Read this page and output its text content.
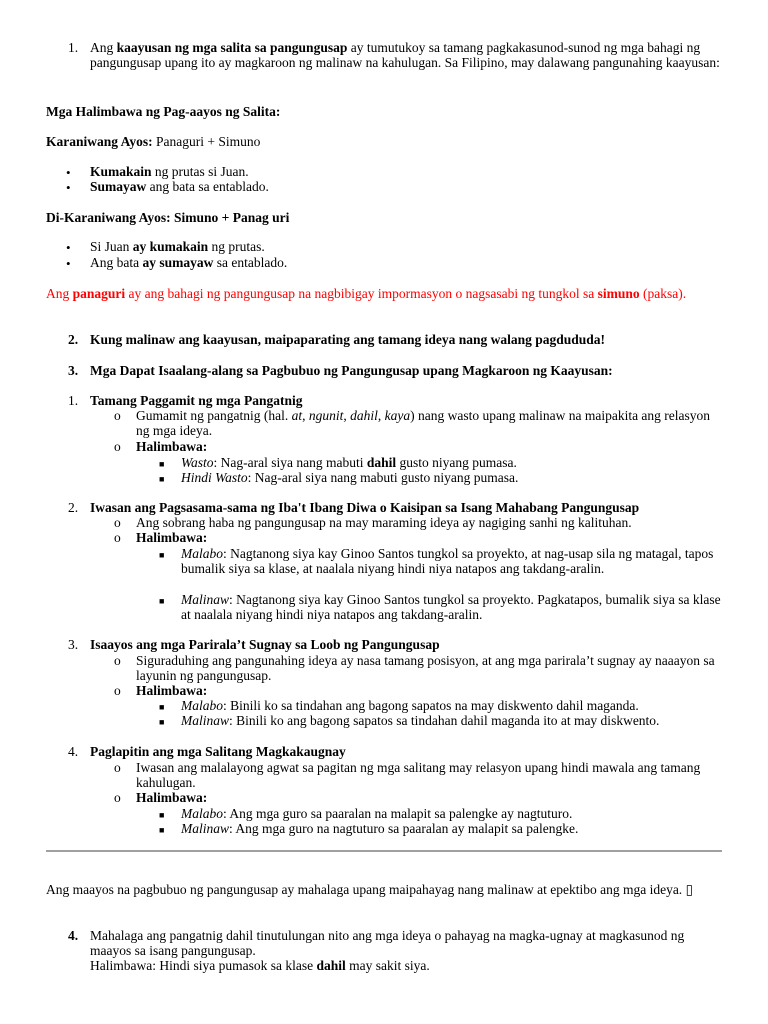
1. Ang kaayusan ng mga salita sa pangungusap ay tumutukoy sa tamang pagkakasunod-sunod ng mga bahagi ng pangungusap upang ito ay magkaroon ng malinaw na kahulugan. Sa Filipino, may dalawang pangunahing kaayusan:
Mga Halimbawa ng Pag-aayos ng Salita:
Karaniwang Ayos: Panaguri + Simuno
• Kumakain ng prutas si Juan.
• Sumayaw ang bata sa entablado.
Di-Karaniwang Ayos: Simuno + Panag uri
• Si Juan ay kumakain ng prutas.
• Ang bata ay sumayaw sa entablado.
Ang panaguri ay ang bahagi ng pangungusap na nagbibigay impormasyon o nagsasabi ng tungkol sa simuno (paksa).
2. Kung malinaw ang kaayusan, maipaparating ang tamang ideya nang walang pagdududa!
3. Mga Dapat Isaalang-alang sa Pagbubuo ng Pangungusap upang Magkaroon ng Kaayusan:
1. Tamang Paggamit ng mga Pangatnig
o Gumamit ng pangatnig (hal. at, ngunit, dahil, kaya) nang wasto upang malinaw na maipakita ang relasyon ng mga ideya.
o Halimbawa:
■ Wasto: Nag-aral siya nang mabuti dahil gusto niyang pumasa.
■ Hindi Wasto: Nag-aral siya nang mabuti gusto niyang pumasa.
2. Iwasan ang Pagsasama-sama ng Iba't Ibang Diwa o Kaisipan sa Isang Mahabang Pangungusap
o Ang sobrang haba ng pangungusap na may maraming ideya ay nagiging sanhi ng kalituhan.
o Halimbawa:
■ Malabo: Nagtanong siya kay Ginoo Santos tungkol sa proyekto, at nag-usap sila ng matagal, tapos bumalik siya sa klase, at naalala niyang hindi niya natapos ang takdang-aralin.
■ Malinaw: Nagtanong siya kay Ginoo Santos tungkol sa proyekto. Pagkatapos, bumalik siya sa klase at naalala niyang hindi niya natapos ang takdang-aralin.
3. Isaayos ang mga Parirala’t Sugnay sa Loob ng Pangungusap
o Siguraduhing ang pangunahing ideya ay nasa tamang posisyon, at ang mga parirala’t sugnay ay naaayon sa layunin ng pangungusap.
o Halimbawa:
■ Malabo: Binili ko sa tindahan ang bagong sapatos na may diskwento dahil maganda.
■ Malinaw: Binili ko ang bagong sapatos sa tindahan dahil maganda ito at may diskwento.
4. Paglapitin ang mga Salitang Magkakaugnay
o Iwasan ang malalayong agwat sa pagitan ng mga salitang may relasyon upang hindi mawala ang tamang kahulugan.
o Halimbawa:
■ Malabo: Ang mga guro sa paaralan na malapit sa palengke ay nagtuturo.
■ Malinaw: Ang mga guro na nagtuturo sa paaralan ay malapit sa palengke.
Ang maayos na pagbubuo ng pangungusap ay mahalaga upang maipahayag nang malinaw at epektibo ang mga ideya. ▯
4. Mahalaga ang pangatnig dahil tinutulungan nito ang mga ideya o pahayag na magka-ugnay at magkasunod ng maayos sa isang pangungusap.
Halimbawa: Hindi siya pumasok sa klase dahil may sakit siya.
